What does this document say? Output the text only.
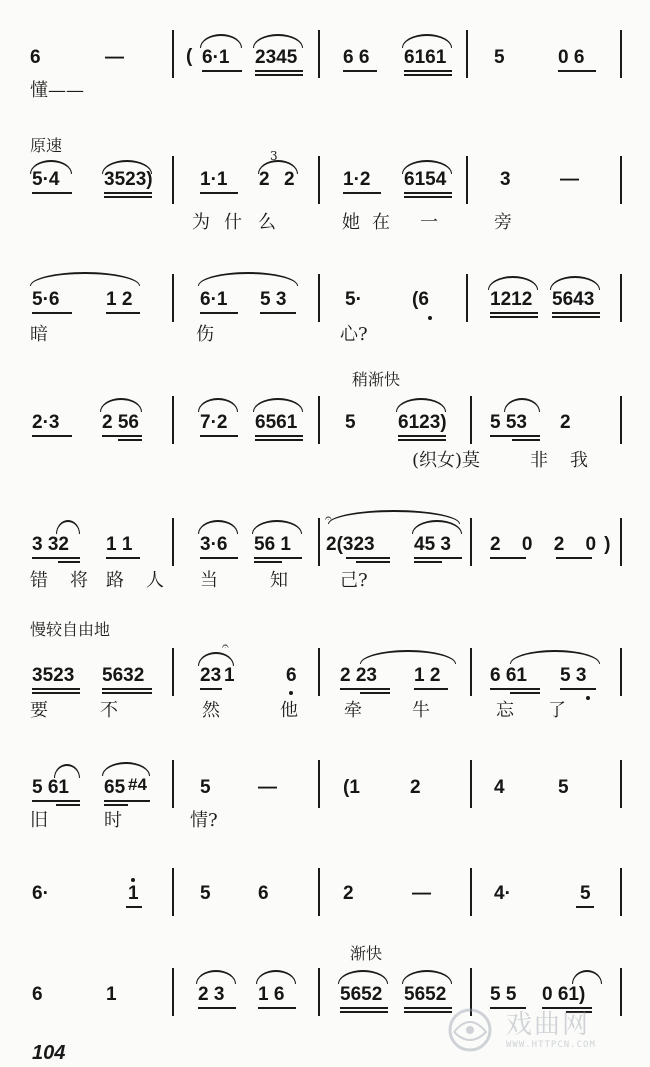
6	—	( 6·1 2345 6 6 6161	5	0 6
懂——
原速
5·4 3523) 1·1 2
3
2	1·2 6154	3	—
为 什 么	她 在 一	旁
5·6 1 2	6·1 5 3	5·	(6	1212 5643
暗	伤	心?
稍渐快
2·3 2 56	7·2 6561	5 6123) 5 53 2
(织女)莫	非 我
3 32 1 1	3·6 56 1
𝄐
2(323 45 3 2 0 2 0)
错 将 路 人 当	知	己?
慢较自由地
3523 5632
𝄐
23 1	6 2 23 1 2	6 61 5 3
要	不	然	他	牵	牛	忘 了
5 61 65 #4	5 —	(1	2	4	5
旧	时	情?
6·	1	5 6	2	—	4·	5
渐快
6	1	2 3 1 6	5652 5652 5 5 0 61)
104
戏曲网
WWW.HTTPCN.COM
